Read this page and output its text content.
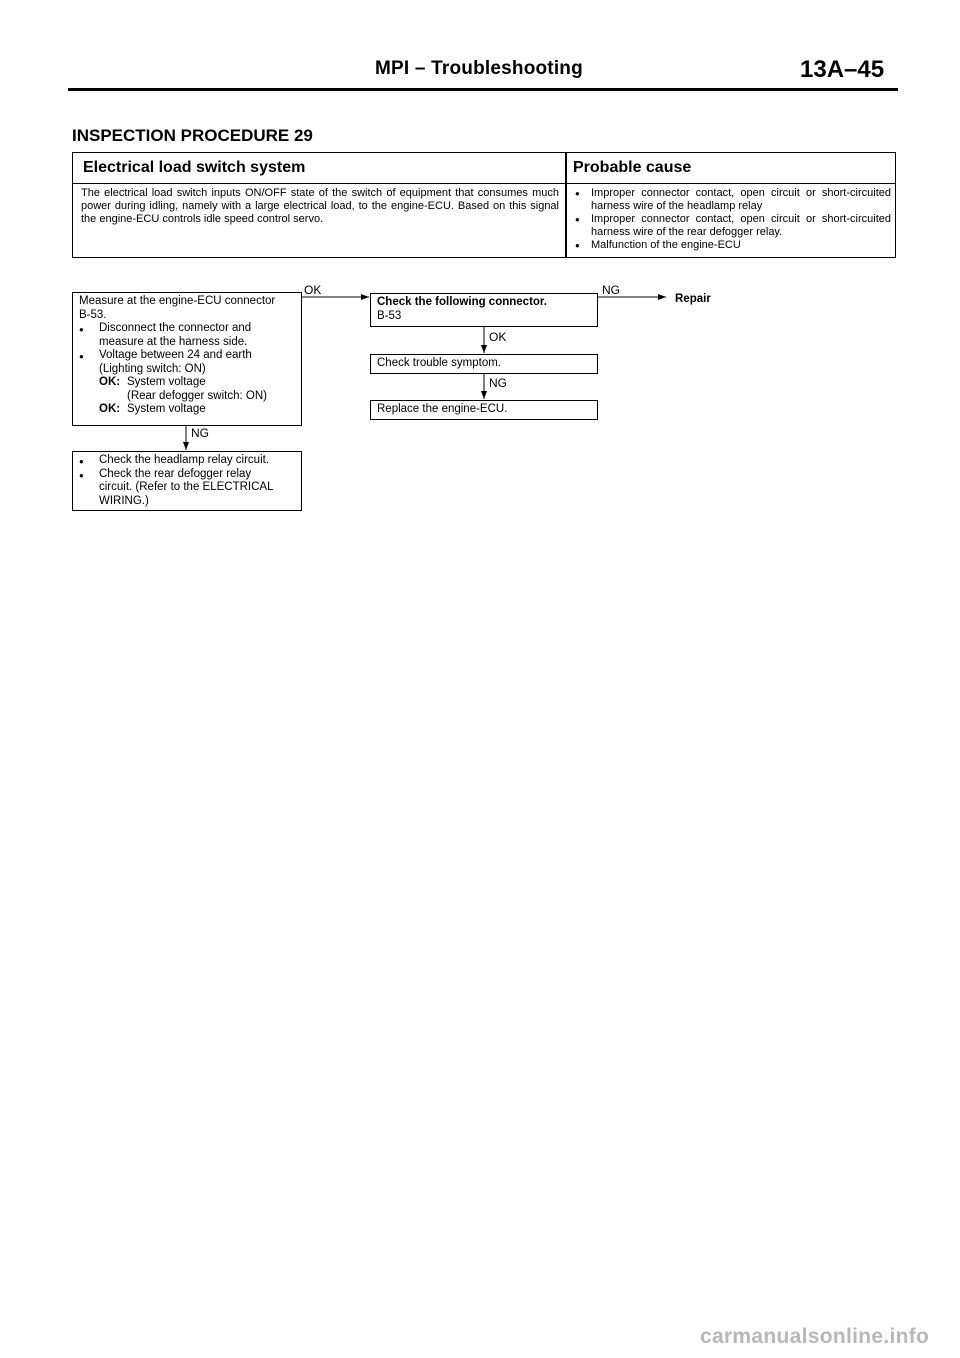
MPI – Troubleshooting	13A–45
INSPECTION PROCEDURE 29
Electrical load switch system	Probable cause
The electrical load switch inputs ON/OFF state of the switch of equipment that consumes much power during idling, namely with a large electrical load, to the engine-ECU. Based on this signal the engine-ECU controls idle speed control servo.
● Improper connector contact, open circuit or short-circuited harness wire of the headlamp relay
● Improper connector contact, open circuit or short-circuited harness wire of the rear defogger relay.
● Malfunction of the engine-ECU
OK	NG
OK
NG
NG
Measure at the engine-ECU connector
B-53.
● Disconnect the connector and
measure at the harness side.
● Voltage between 24 and earth
(Lighting switch: ON)
OK: System voltage
(Rear defogger switch: ON)
OK: System voltage
Check the following connector.
B-53
Check trouble symptom.
Replace the engine-ECU.
Repair
● Check the headlamp relay circuit.
● Check the rear defogger relay
circuit. (Refer to the ELECTRICAL
WIRING.)
carmanualsonline.info
